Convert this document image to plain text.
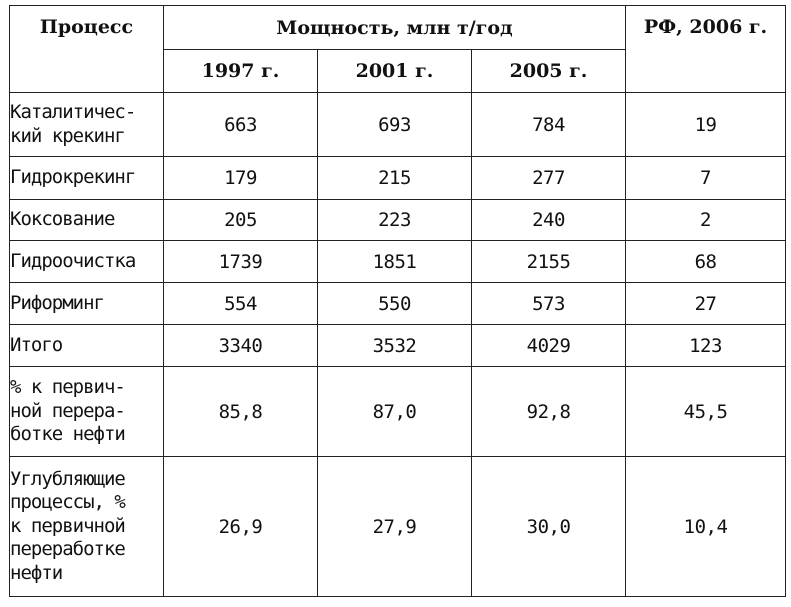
Процесс	Мощность, млн т/год			РФ, 2006 г.
	1997 г.	2001 г.	2005 г.	

Каталитичес-
кий крекинг	663	693	784	19

Гидрокрекинг	179	215	277	7

Коксование	205	223	240	2

Гидроочистка	1739	1851	2155	68

Риформинг	554	550	573	27

Итого	3340	3532	4029	123

% к первич-
ной перера-
ботке нефти	85,8	87,0	92,8	45,5

Углубляющие
процессы, %
к первичной
переработке
нефти	26,9	27,9	30,0	10,4
